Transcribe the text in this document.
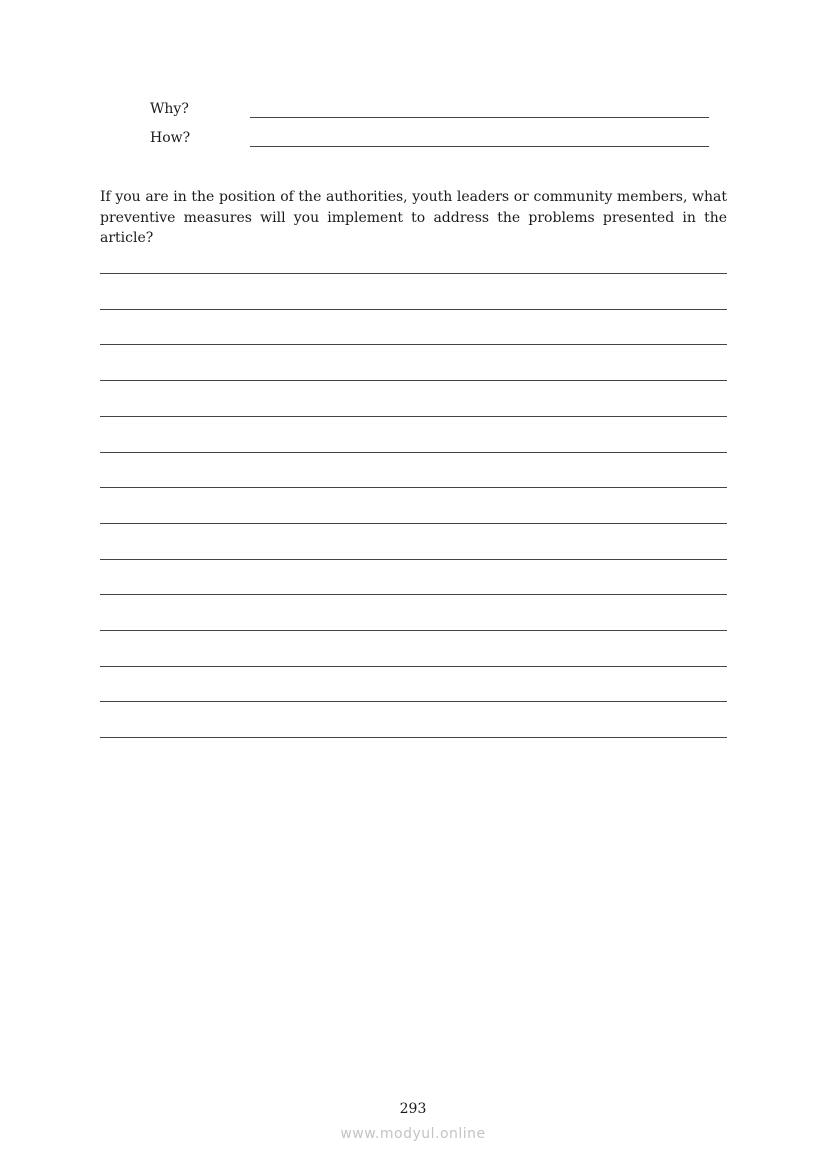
Why?
How?

If you are in the position of the authorities, youth leaders or community members, what preventive measures will you implement to address the problems presented in the article?

293
www.modyul.online
